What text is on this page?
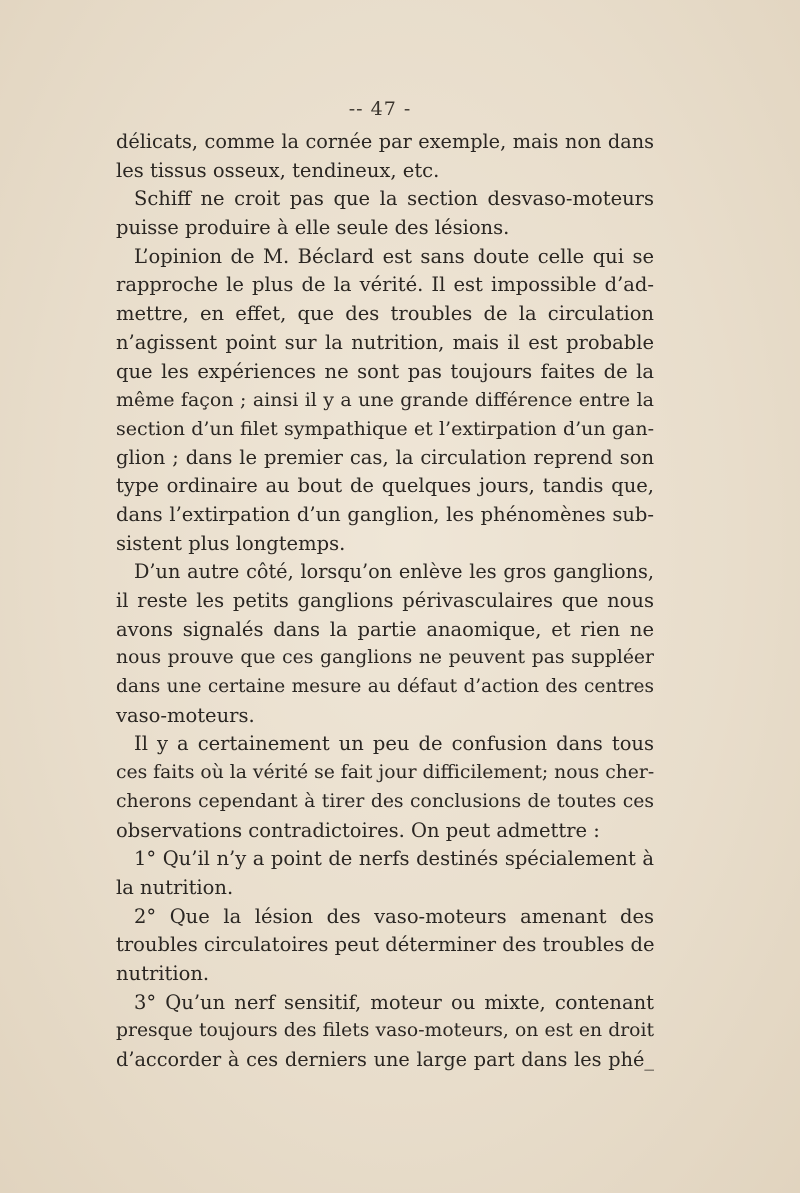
-- 47 -
délicats, comme la cornée par exemple, mais non dans
les tissus osseux, tendineux, etc.
Schiff ne croit pas que la section desvaso-moteurs
puisse produire à elle seule des lésions.
L’opinion de M. Béclard est sans doute celle qui se
rapproche le plus de la vérité. Il est impossible d’ad-
mettre, en effet, que des troubles de la circulation
n’agissent point sur la nutrition, mais il est probable
que les expériences ne sont pas toujours faites de la
même façon ; ainsi il y a une grande différence entre la
section d’un filet sympathique et l’extirpation d’un gan-
glion ; dans le premier cas, la circulation reprend son
type ordinaire au bout de quelques jours, tandis que,
dans l’extirpation d’un ganglion, les phénomènes sub-
sistent plus longtemps.
D’un autre côté, lorsqu’on enlève les gros ganglions,
il reste les petits ganglions périvasculaires que nous
avons signalés dans la partie anaomique, et rien ne
nous prouve que ces ganglions ne peuvent pas suppléer
dans une certaine mesure au défaut d’action des centres
vaso-moteurs.
Il y a certainement un peu de confusion dans tous
ces faits où la vérité se fait jour difficilement; nous cher-
cherons cependant à tirer des conclusions de toutes ces
observations contradictoires. On peut admettre :
1° Qu’il n’y a point de nerfs destinés spécialement à
la nutrition.
2° Que la lésion des vaso-moteurs amenant des
troubles circulatoires peut déterminer des troubles de
nutrition.
3° Qu’un nerf sensitif, moteur ou mixte, contenant
presque toujours des filets vaso-moteurs, on est en droit
d’accorder à ces derniers une large part dans les phé_
